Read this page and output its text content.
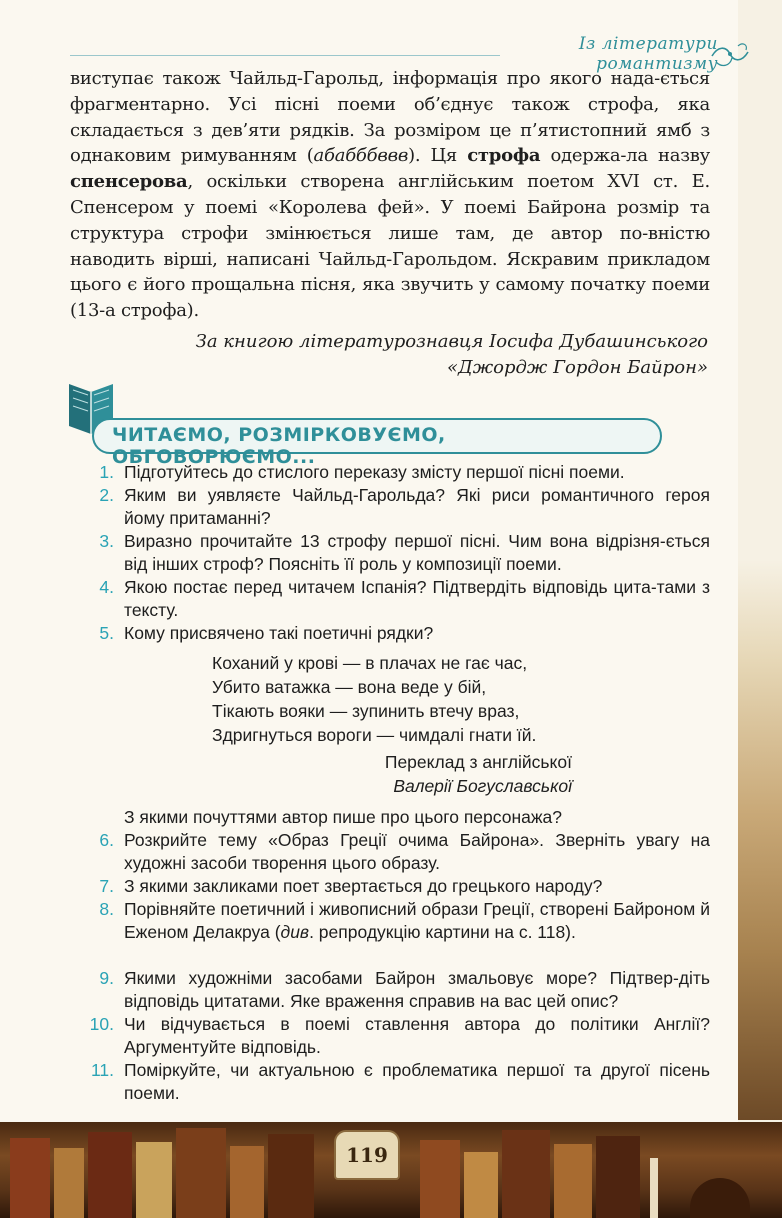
Із літератури романтизму
виступає також Чайльд-Гарольд, інформація про якого нада-ється фрагментарно. Усі пісні поеми об’єднує також строфа, яка складається з дев’яти рядків. За розміром це п’ятистопний ямб з однаковим римуванням (абабббввв). Ця строфа одержа-ла назву спенсерова, оскільки створена англійським поетом XVI ст. Е. Спенсером у поемі «Королева фей». У поемі Байрона розмір та структура строфи змінюється лише там, де автор по-вністю наводить вірші, написані Чайльд-Гарольдом. Яскравим прикладом цього є його прощальна пісня, яка звучить у самому початку поеми (13-а строфа).
За книгою літературознавця Іосифа Дубашинського
«Джордж Гордон Байрон»
ЧИТАЄМО, РОЗМІРКОВУЄМО, ОБГОВОРЮЄМО...
1. Підготуйтесь до стислого переказу змісту першої пісні поеми.
2. Яким ви уявляєте Чайльд-Гарольда? Які риси романтичного героя йому притаманні?
3. Виразно прочитайте 13 строфу першої пісні. Чим вона відрізня-ється від інших строф? Поясніть її роль у композиції поеми.
4. Якою постає перед читачем Іспанія? Підтвердіть відповідь цита-тами з тексту.
5. Кому присвячено такі поетичні рядки?
Коханий у крові — в плачах не гає час,
Убито ватажка — вона веде у бій,
Тікають вояки — зупинить втечу враз,
Здригнуться вороги — чимдалі гнати їй.
Переклад з англійської
Валерії Богуславської
З якими почуттями автор пише про цього персонажа?
6. Розкрийте тему «Образ Греції очима Байрона». Зверніть увагу на художні засоби творення цього образу.
7. З якими закликами поет звертається до грецького народу?
8. Порівняйте поетичний і живописний образи Греції, створені Байроном й Еженом Делакруа (див. репродукцію картини на с. 118).
9. Якими художніми засобами Байрон змальовує море? Підтвер-діть відповідь цитатами. Яке враження справив на вас цей опис?
10. Чи відчувається в поемі ставлення автора до політики Англії? Аргументуйте відповідь.
11. Поміркуйте, чи актуальною є проблематика першої та другої пісень поеми.
119
